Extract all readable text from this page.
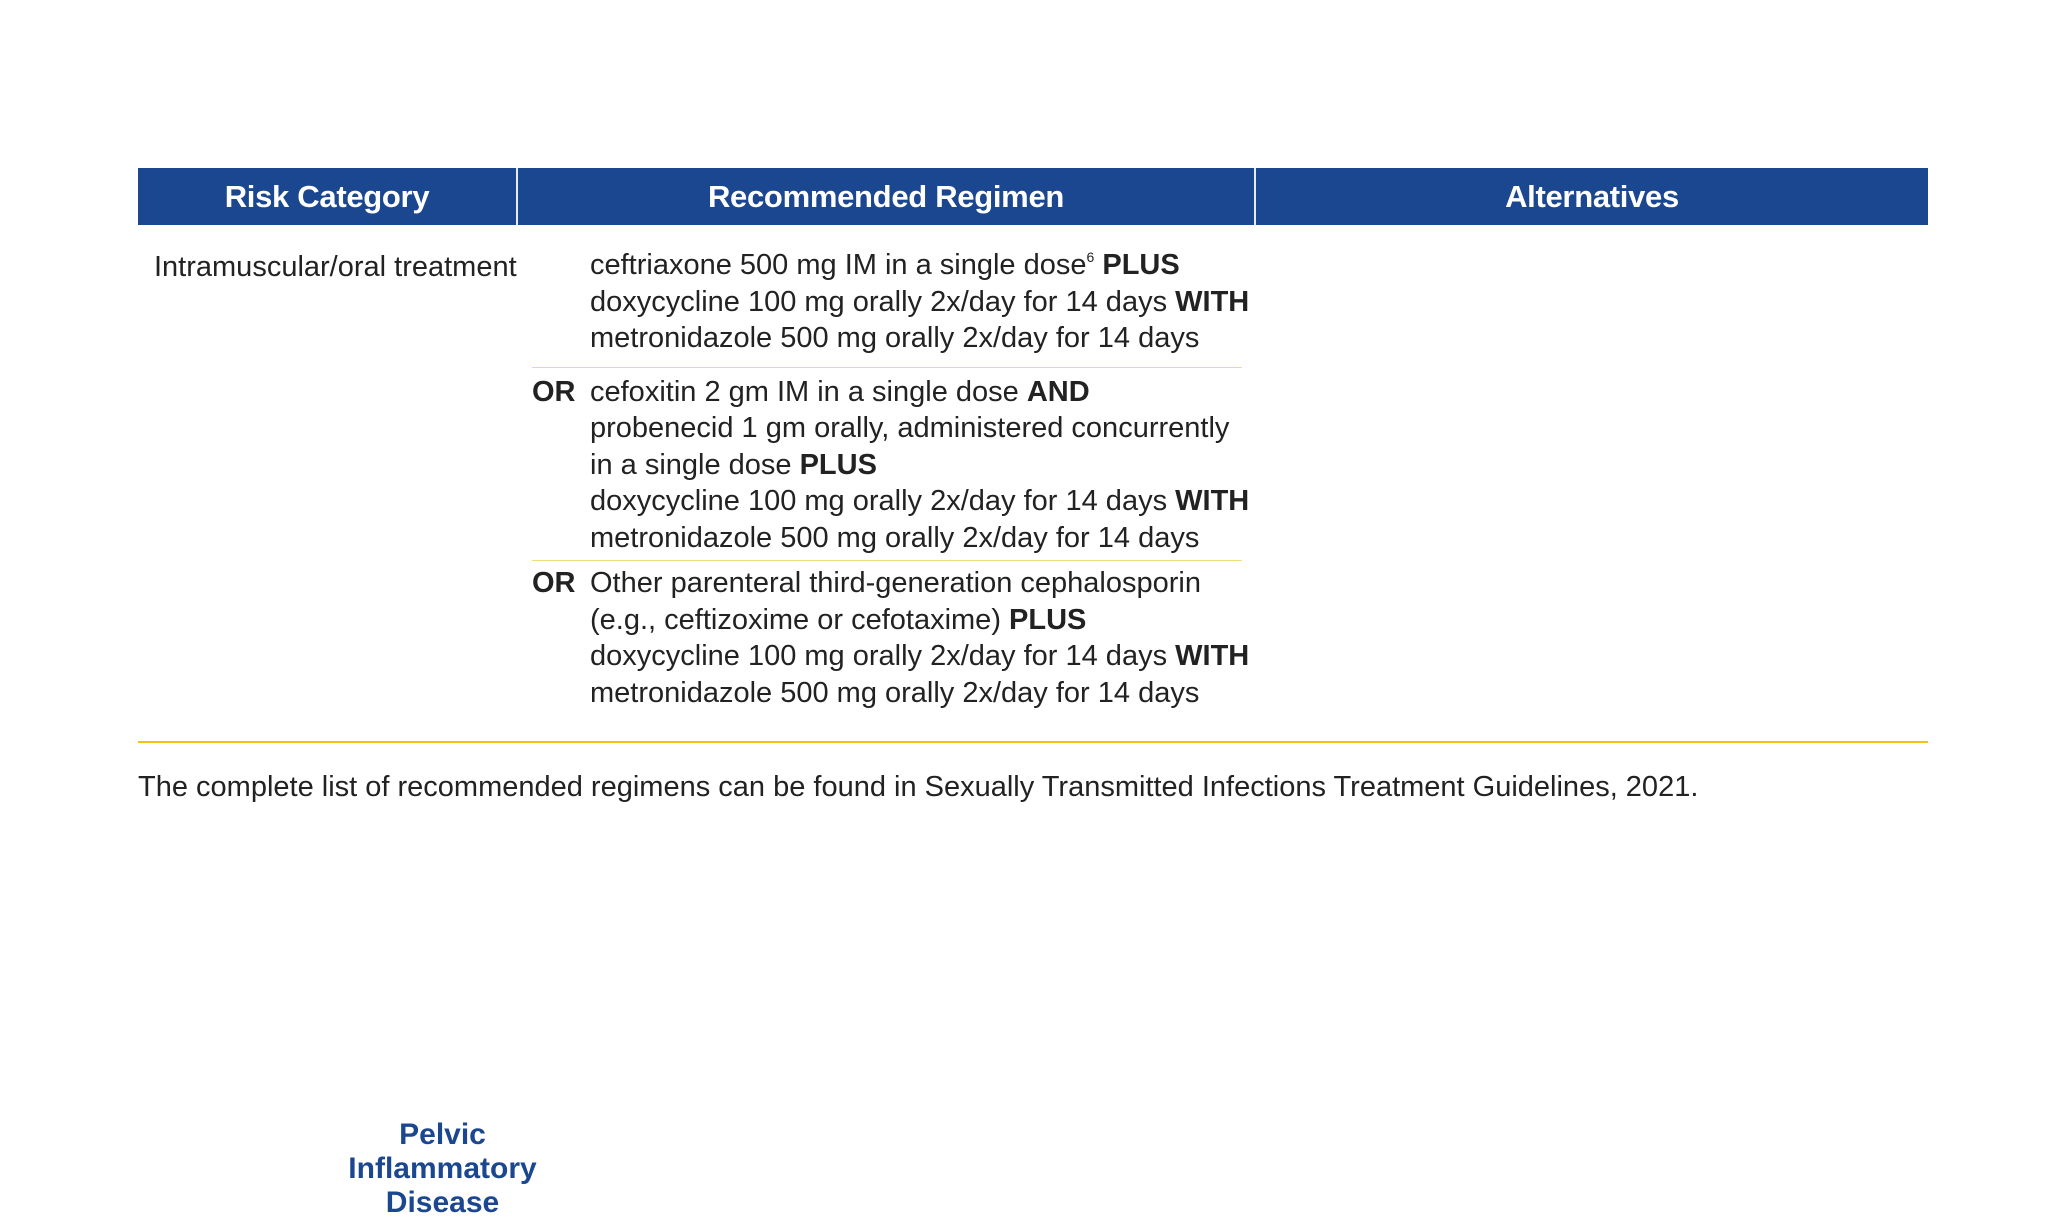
Risk Category	Recommended Regimen	Alternatives
Intramuscular/oral treatment	ceftriaxone 500 mg IM in a single dose$^6$ PLUS
doxycycline 100 mg orally 2x/day for 14 days WITH
metronidazole 500 mg orally 2x/day for 14 days
OR cefoxitin 2 gm IM in a single dose AND
probenecid 1 gm orally, administered concurrently
in a single dose PLUS
doxycycline 100 mg orally 2x/day for 14 days WITH
metronidazole 500 mg orally 2x/day for 14 days
OR Other parenteral third-generation cephalosporin
(e.g., ceftizoxime or cefotaxime) PLUS
doxycycline 100 mg orally 2x/day for 14 days WITH
metronidazole 500 mg orally 2x/day for 14 days
The complete list of recommended regimens can be found in Sexually Transmitted Infections Treatment Guidelines, 2021.
Pelvic
Inflammatory
Disease
